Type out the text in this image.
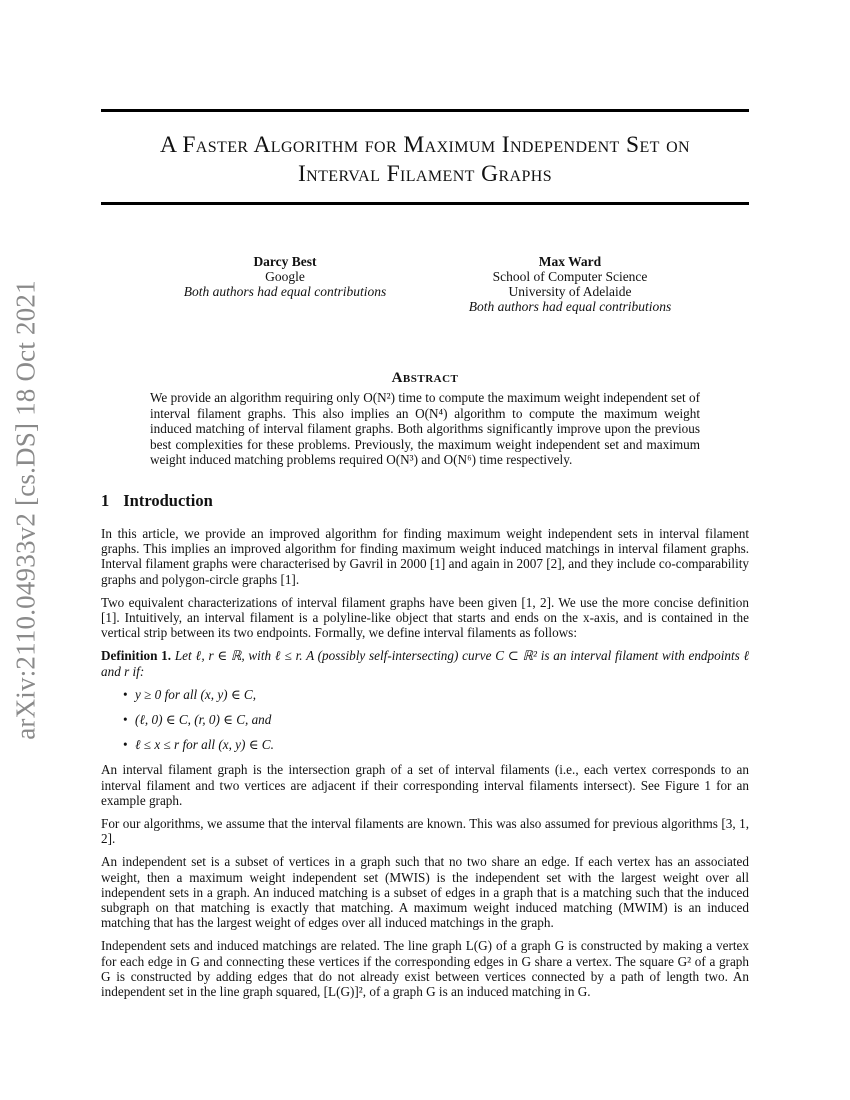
arXiv:2110.04933v2 [cs.DS] 18 Oct 2021
A Faster Algorithm for Maximum Independent Set on
Interval Filament Graphs
Darcy Best
Google
Both authors had equal contributions
Max Ward
School of Computer Science
University of Adelaide
Both authors had equal contributions
Abstract
We provide an algorithm requiring only O(N²) time to compute the maximum weight independent set of interval filament graphs. This also implies an O(N⁴) algorithm to compute the maximum weight induced matching of interval filament graphs. Both algorithms significantly improve upon the previous best complexities for these problems. Previously, the maximum weight independent set and maximum weight induced matching problems required O(N³) and O(N⁶) time respectively.
1 Introduction

In this article, we provide an improved algorithm for finding maximum weight independent sets in interval filament graphs. This implies an improved algorithm for finding maximum weight induced matchings in interval filament graphs. Interval filament graphs were characterised by Gavril in 2000 [1] and again in 2007 [2], and they include co-comparability graphs and polygon-circle graphs [1].

Two equivalent characterizations of interval filament graphs have been given [1, 2]. We use the more concise definition [1]. Intuitively, an interval filament is a polyline-like object that starts and ends on the x-axis, and is contained in the vertical strip between its two endpoints. Formally, we define interval filaments as follows:

Definition 1. Let ℓ, r ∈ ℝ, with ℓ ≤ r. A (possibly self-intersecting) curve C ⊂ ℝ² is an interval filament with endpoints ℓ and r if:

• y ≥ 0 for all (x, y) ∈ C,
• (ℓ, 0) ∈ C, (r, 0) ∈ C, and
• ℓ ≤ x ≤ r for all (x, y) ∈ C.

An interval filament graph is the intersection graph of a set of interval filaments (i.e., each vertex corresponds to an interval filament and two vertices are adjacent if their corresponding interval filaments intersect). See Figure 1 for an example graph.

For our algorithms, we assume that the interval filaments are known. This was also assumed for previous algorithms [3, 1, 2].

An independent set is a subset of vertices in a graph such that no two share an edge. If each vertex has an associated weight, then a maximum weight independent set (MWIS) is the independent set with the largest weight over all independent sets in a graph. An induced matching is a subset of edges in a graph that is a matching such that the induced subgraph on that matching is exactly that matching. A maximum weight induced matching (MWIM) is an induced matching that has the largest weight of edges over all induced matchings in the graph.

Independent sets and induced matchings are related. The line graph L(G) of a graph G is constructed by making a vertex for each edge in G and connecting these vertices if the corresponding edges in G share a vertex. The square G² of a graph G is constructed by adding edges that do not already exist between vertices connected by a path of length two. An independent set in the line graph squared, [L(G)]², of a graph G is an induced matching in G.
